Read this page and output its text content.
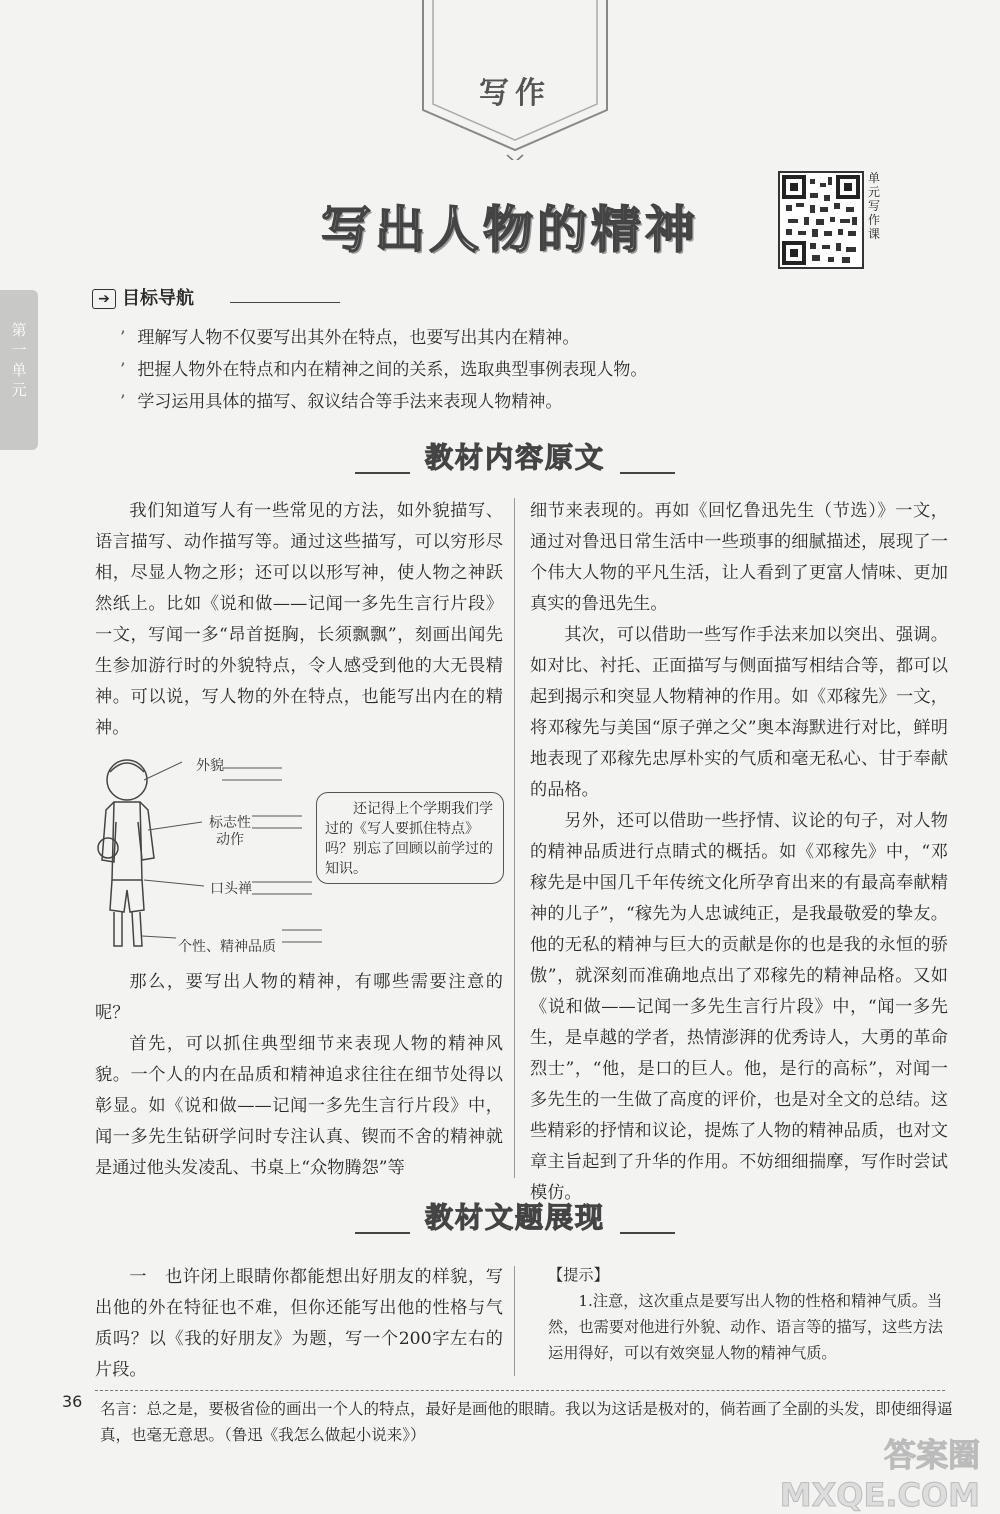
写作
写出人物的精神
单
元
写
作
课
第
一
单
元
➔ 目标导航
’ 理解写人物不仅要写出其外在特点，也要写出其内在精神。
’ 把握人物外在特点和内在精神之间的关系，选取典型事例表现人物。
’ 学习运用具体的描写、叙议结合等手法来表现人物精神。
教材内容原文

我们知道写人有一些常见的方法，如外貌描写、语言描写、动作描写等。通过这些描写，可以穷形尽相，尽显人物之形；还可以以形写神，使人物之神跃然纸上。比如《说和做——记闻一多先生言行片段》一文，写闻一多“昂首挺胸，长须飘飘”，刻画出闻先生参加游行时的外貌特点，令人感受到他的大无畏精神。可以说，写人物的外在特点，也能写出内在的精神。

外貌
标志性动作
口头禅
个性、精神品质
还记得上个学期我们学过的《写人要抓住特点》吗？别忘了回顾以前学过的知识。

那么，要写出人物的精神，有哪些需要注意的呢？

首先，可以抓住典型细节来表现人物的精神风貌。一个人的内在品质和精神追求往往在细节处得以彰显。如《说和做——记闻一多先生言行片段》中，闻一多先生钻研学问时专注认真、锲而不舍的精神就是通过他头发凌乱、书桌上“众物腾怨”等

细节来表现的。再如《回忆鲁迅先生（节选）》一文，通过对鲁迅日常生活中一些琐事的细腻描述，展现了一个伟大人物的平凡生活，让人看到了更富人情味、更加真实的鲁迅先生。

其次，可以借助一些写作手法来加以突出、强调。如对比、衬托、正面描写与侧面描写相结合等，都可以起到揭示和突显人物精神的作用。如《邓稼先》一文，将邓稼先与美国“原子弹之父”奥本海默进行对比，鲜明地表现了邓稼先忠厚朴实的气质和毫无私心、甘于奉献的品格。

另外，还可以借助一些抒情、议论的句子，对人物的精神品质进行点睛式的概括。如《邓稼先》中，“邓稼先是中国几千年传统文化所孕育出来的有最高奉献精神的儿子”，“稼先为人忠诚纯正，是我最敬爱的挚友。他的无私的精神与巨大的贡献是你的也是我的永恒的骄傲”，就深刻而准确地点出了邓稼先的精神品格。又如《说和做——记闻一多先生言行片段》中，“闻一多先生，是卓越的学者，热情澎湃的优秀诗人，大勇的革命烈士”，“他，是口的巨人。他，是行的高标”，对闻一多先生的一生做了高度的评价，也是对全文的总结。这些精彩的抒情和议论，提炼了人物的精神品质，也对文章主旨起到了升华的作用。不妨细细揣摩，写作时尝试模仿。

教材文题展现

一　也许闭上眼睛你都能想出好朋友的样貌，写出他的外在特征也不难，但你还能写出他的性格与气质吗？以《我的好朋友》为题，写一个200字左右的片段。

【提示】
1.注意，这次重点是要写出人物的性格和精神气质。当然，也需要对他进行外貌、动作、语言等的描写，这些方法运用得好，可以有效突显人物的精神气质。
36 名言：总之是，要极省俭的画出一个人的特点，最好是画他的眼睛。我以为这话是极对的，倘若画了全副的头发，即使细得逼真，也毫无意思。（鲁迅《我怎么做起小说来》）
答案圈 MXQE.COM
